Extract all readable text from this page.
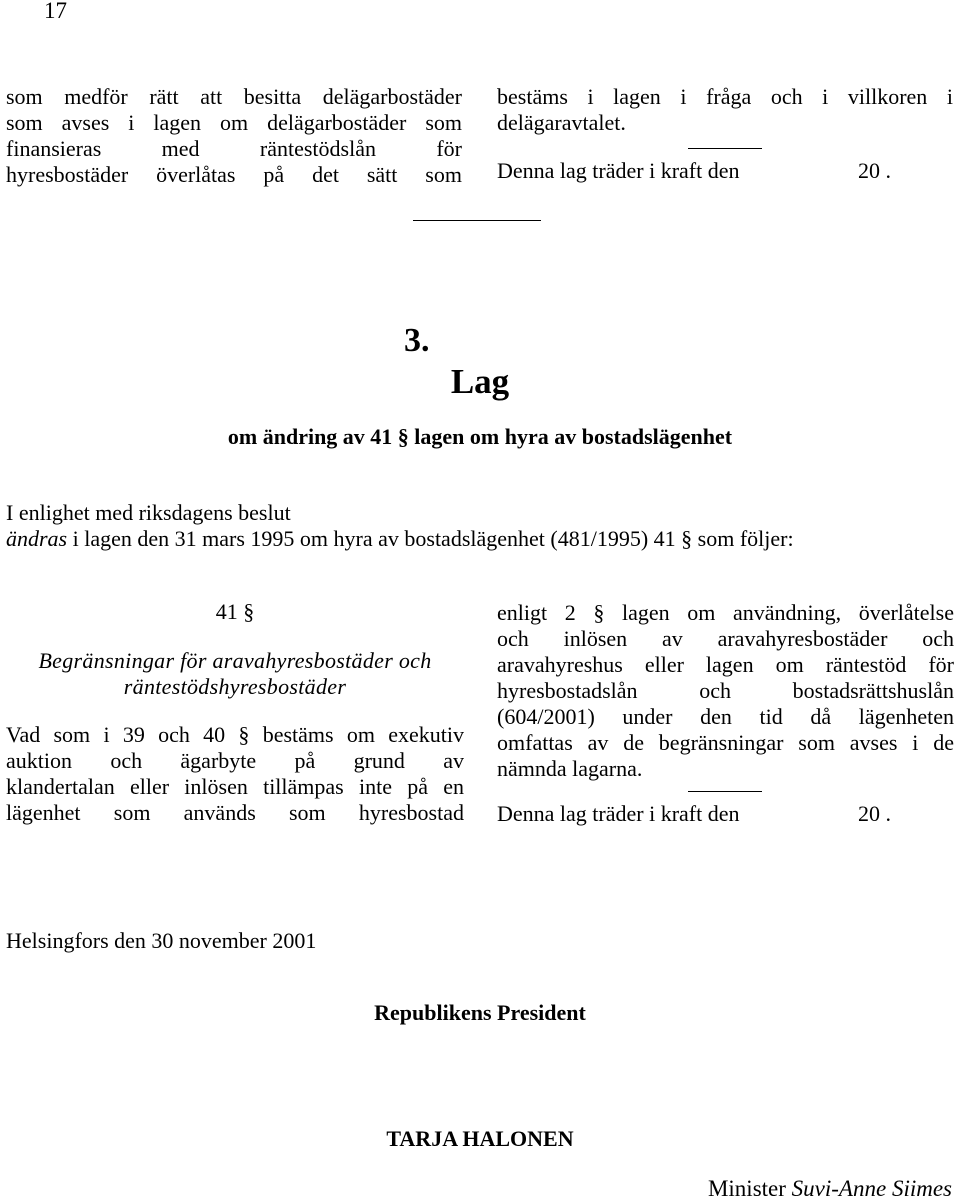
17
som medför rätt att besitta delägarbostäder
som avses i lagen om delägarbostäder som
finansieras med räntestödslån för
hyresbostäder överlåtas på det sätt som
bestäms i lagen i fråga och i villkoren i
delägaravtalet.
Denna lag träder i kraft den	20 .
3.
Lag
om ändring av 41 § lagen om hyra av bostadslägenhet
I enlighet med riksdagens beslut
ändras i lagen den 31 mars 1995 om hyra av bostadslägenhet (481/1995) 41 § som följer:
41 §
Begränsningar för aravahyresbostäder och
räntestödshyresbostäder
Vad som i 39 och 40 § bestäms om exekutiv
auktion och ägarbyte på grund av
klandertalan eller inlösen tillämpas inte på en
lägenhet som används som hyresbostad
enligt 2 § lagen om användning, överlåtelse
och inlösen av aravahyresbostäder och
aravahyreshus eller lagen om räntestöd för
hyresbostadslån och bostadsrättshuslån
(604/2001) under den tid då lägenheten
omfattas av de begränsningar som avses i de
nämnda lagarna.
Denna lag träder i kraft den	20 .
Helsingfors den 30 november 2001
Republikens President
TARJA HALONEN
Minister Suvi-Anne Siimes
